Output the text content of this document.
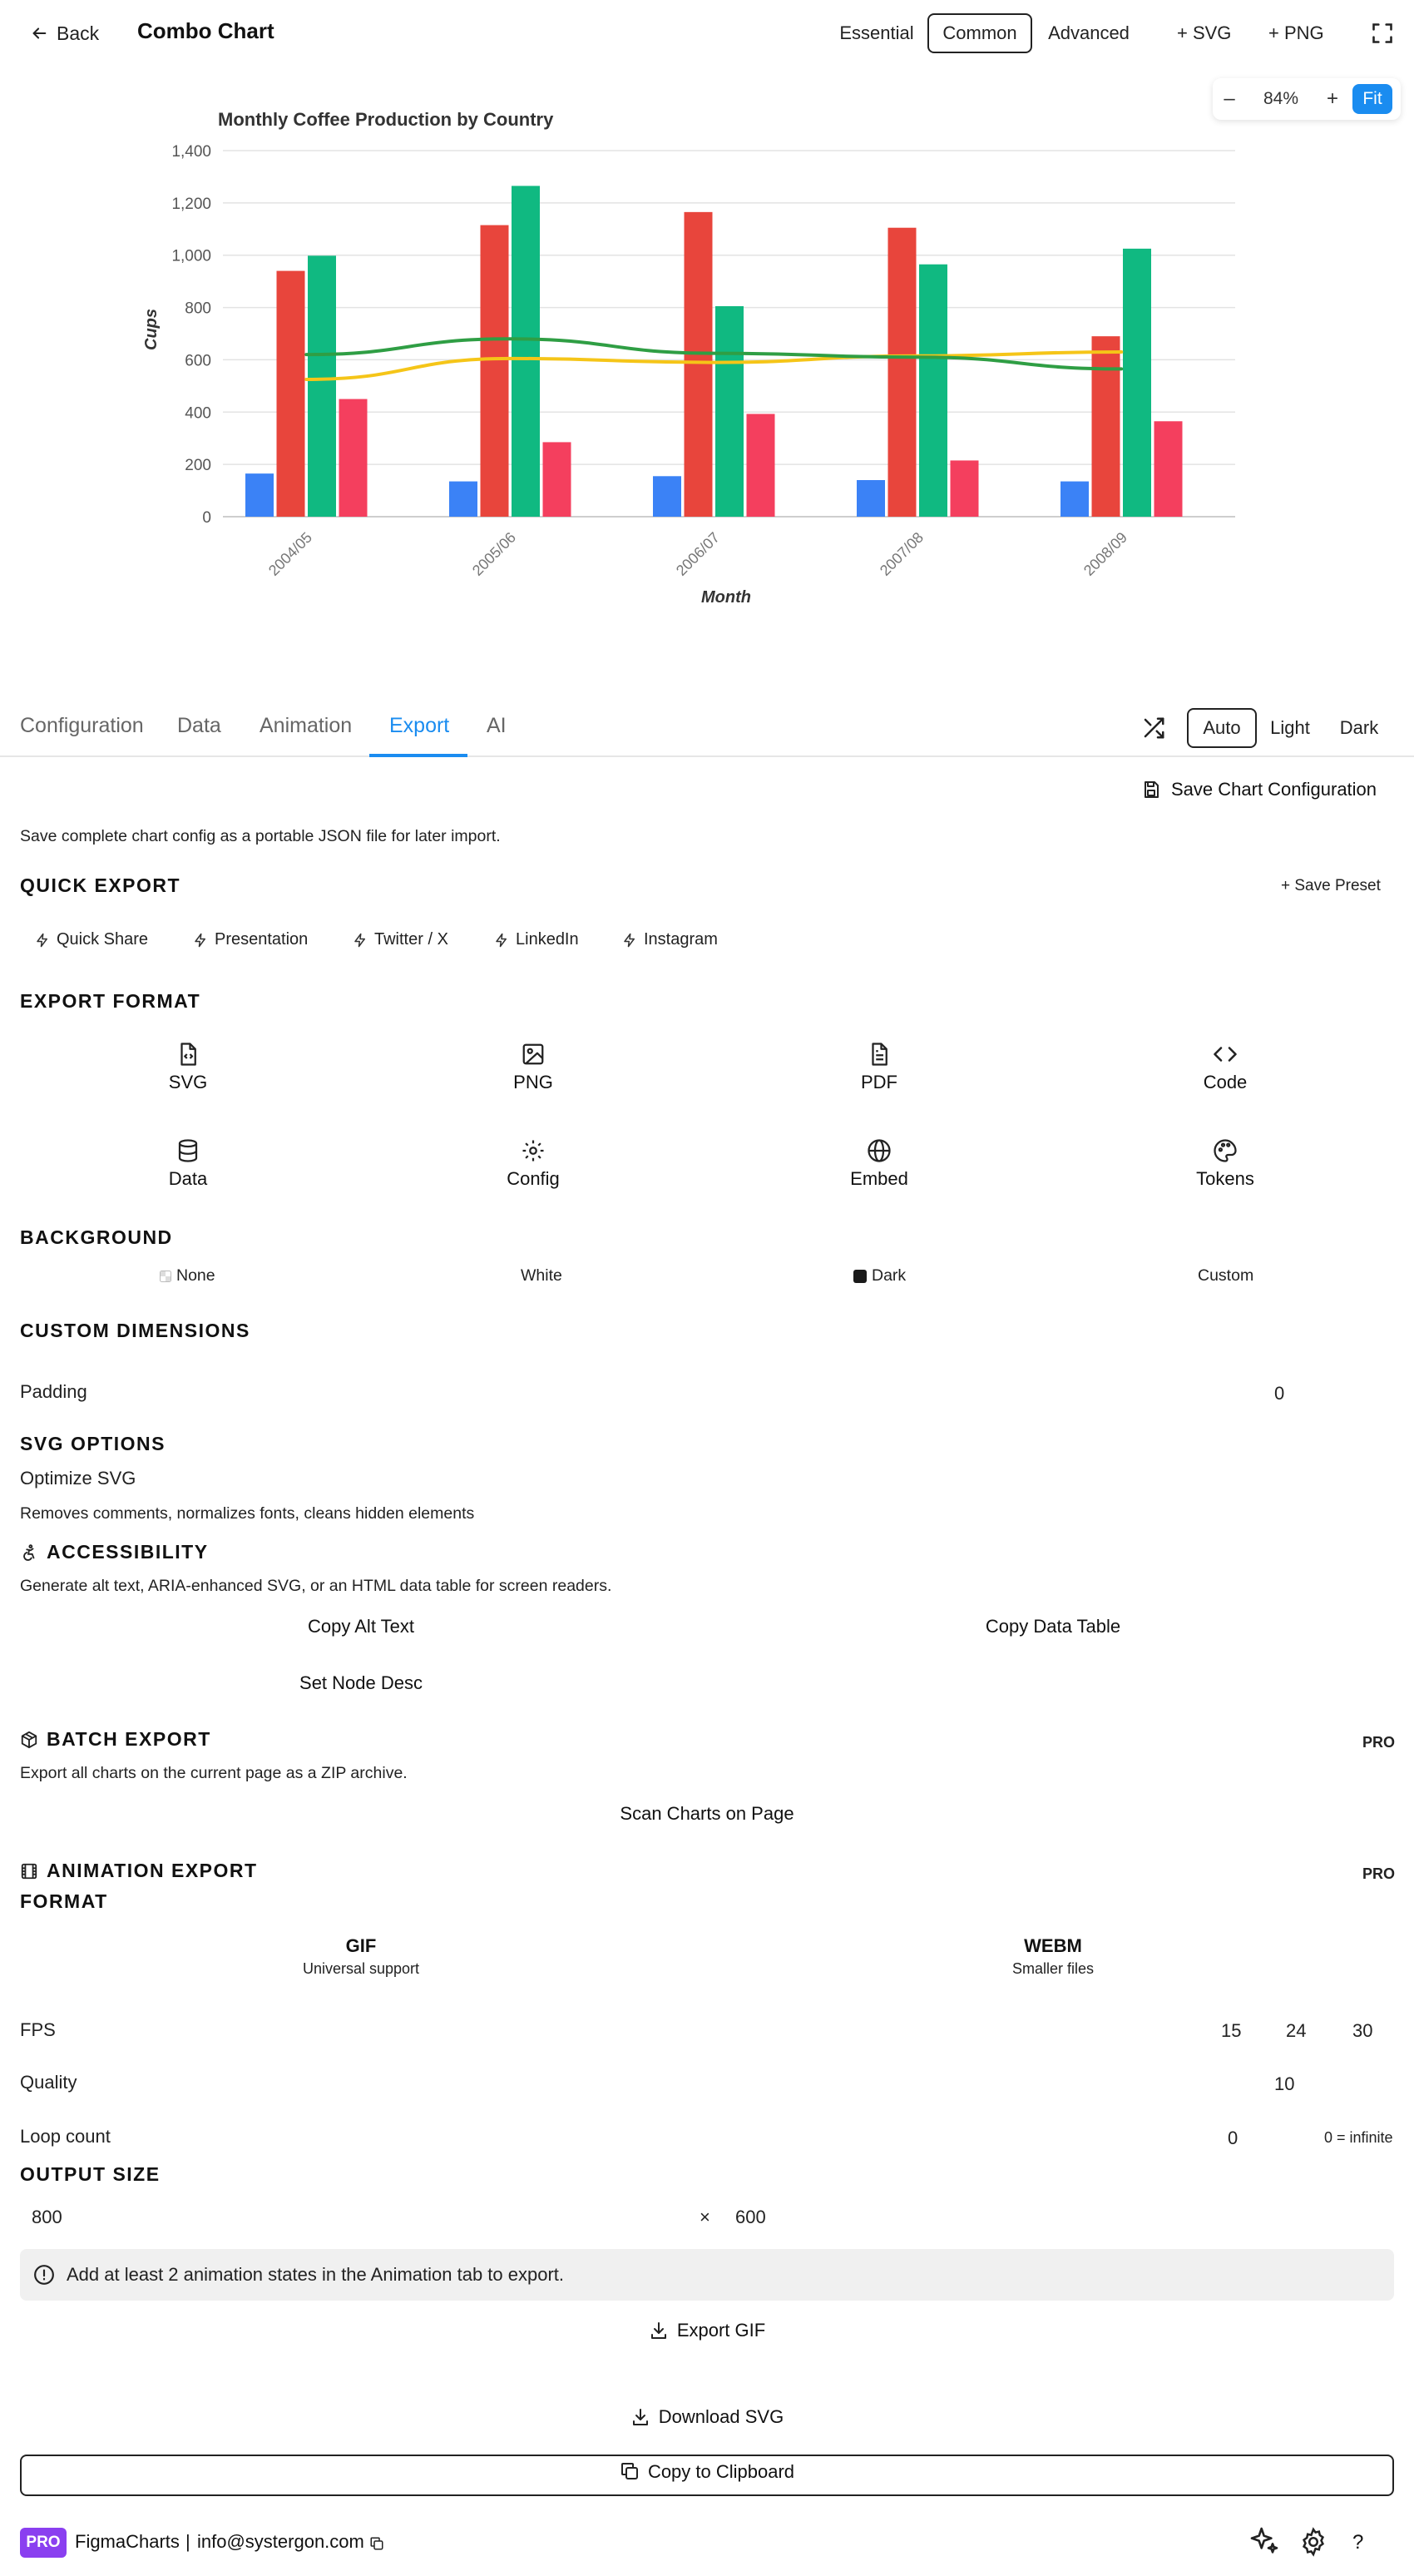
Back Combo Chart	Essential	Common	Advanced	+ SVG + PNG
–	84%	+	Fit
Monthly Coffee Production by Country
Cups
Month
0
200
400
600
800
1,000
1,200
1,400
2004/05	2005/06	2006/07	2007/08	2008/09
Configuration Data Animation Export AI	Auto	Light	Dark
Save Chart Configuration
Save complete chart config as a portable JSON file for later import.
QUICK EXPORT	+ Save Preset
Quick Share	Presentation	Twitter / X	LinkedIn	Instagram
EXPORT FORMAT
SVG	PNG	PDF	Code
Data	Config	Embed	Tokens
BACKGROUND
None	White	Dark	Custom
CUSTOM DIMENSIONS
Padding	0
SVG OPTIONS
Optimize SVG
Removes comments, normalizes fonts, cleans hidden elements
ACCESSIBILITY
Generate alt text, ARIA-enhanced SVG, or an HTML data table for screen readers.
Copy Alt Text	Copy Data Table
Set Node Desc
BATCH EXPORT	PRO
Export all charts on the current page as a ZIP archive.
Scan Charts on Page
ANIMATION EXPORT	PRO
FORMAT
GIF
Universal support
WEBM
Smaller files
FPS	15 24	30
Quality	10
Loop count	0	0 = infinite
OUTPUT SIZE
800	× 600
Add at least 2 animation states in the Animation tab to export.
Export GIF
Download SVG
Copy to Clipboard
PRO FigmaCharts | info@systergon.com	?
